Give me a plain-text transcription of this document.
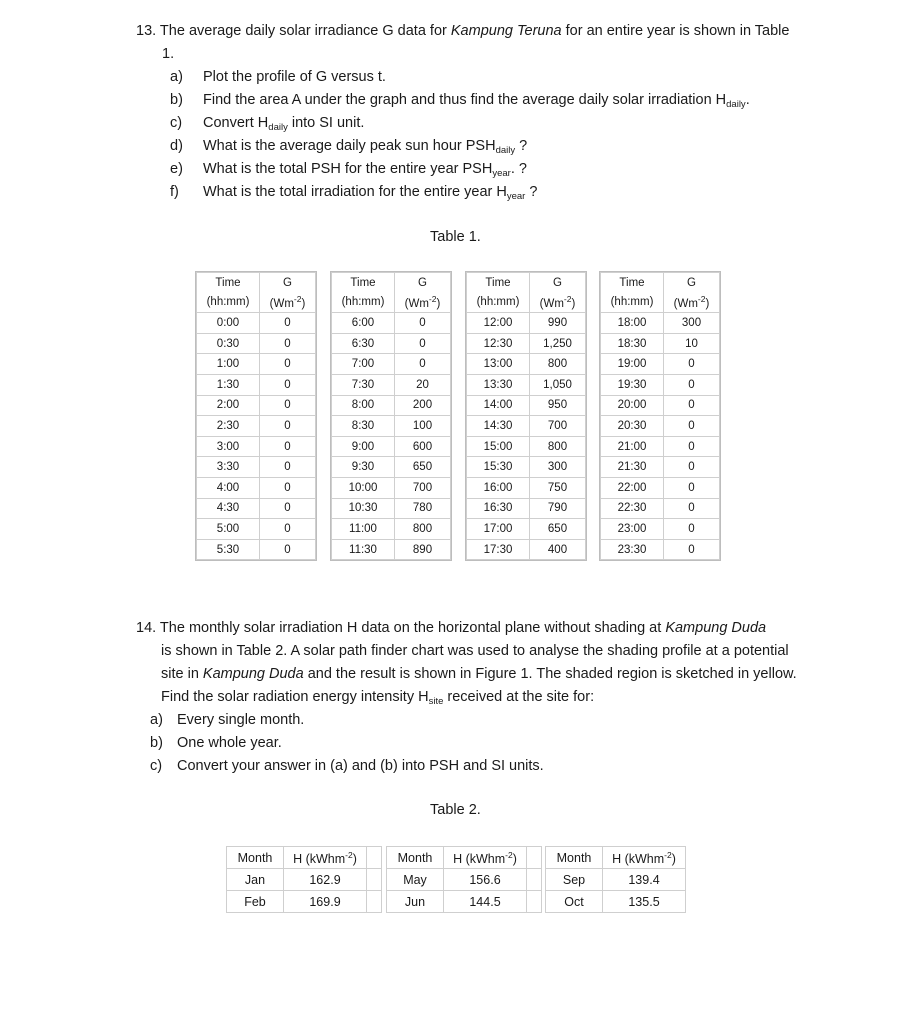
13. The average daily solar irradiance G data for Kampung Teruna for an entire year is shown in Table
1.
a) Plot the profile of G versus t.
b) Find the area A under the graph and thus find the average daily solar irradiation $H_{daily}$.
c) Convert $H_{daily}$ into SI unit.
d) What is the average daily peak sun hour $PSH_{daily}$ ?
e) What is the total PSH for the entire year $PSH_{year}$. ?
f) What is the total irradiation for the entire year $H_{year}$ ?
Table 1.
Time	G
(hh:mm)	$(Wm^{-2})$
0:00	0
0:30	0
1:00	0
1:30	0
2:00	0
2:30	0
3:00	0
3:30	0
4:00	0
4:30	0
5:00	0
5:30	0
Time	G
(hh:mm)	$(Wm^{-2})$
6:00	0
6:30	0
7:00	0
7:30	20
8:00	200
8:30	100
9:00	600
9:30	650
10:00	700
10:30	780
11:00	800
11:30	890
Time	G
(hh:mm)	$(Wm^{-2})$
12:00	990
12:30	1,250
13:00	800
13:30	1,050
14:00	950
14:30	700
15:00	800
15:30	300
16:00	750
16:30	790
17:00	650
17:30	400
Time	G
(hh:mm)	$(Wm^{-2})$
18:00	300
18:30	10
19:00	0
19:30	0
20:00	0
20:30	0
21:00	0
21:30	0
22:00	0
22:30	0
23:00	0
23:30	0
14. The monthly solar irradiation H data on the horizontal plane without shading at Kampung Duda
is shown in Table 2. A solar path finder chart was used to analyse the shading profile at a potential
site in Kampung Duda and the result is shown in Figure 1. The shaded region is sketched in yellow.
Find the solar radiation energy intensity $H_{site}$ received at the site for:
a) Every single month.
b) One whole year.
c) Convert your answer in (a) and (b) into PSH and SI units.
Table 2.
Month	H (kWhm$^{-2}$)	
Jan	162.9	
Feb	169.9	
Month	H (kWhm$^{-2}$)	
May	156.6	
Jun	144.5	
Month	H (kWhm$^{-2}$)
Sep	139.4
Oct	135.5
